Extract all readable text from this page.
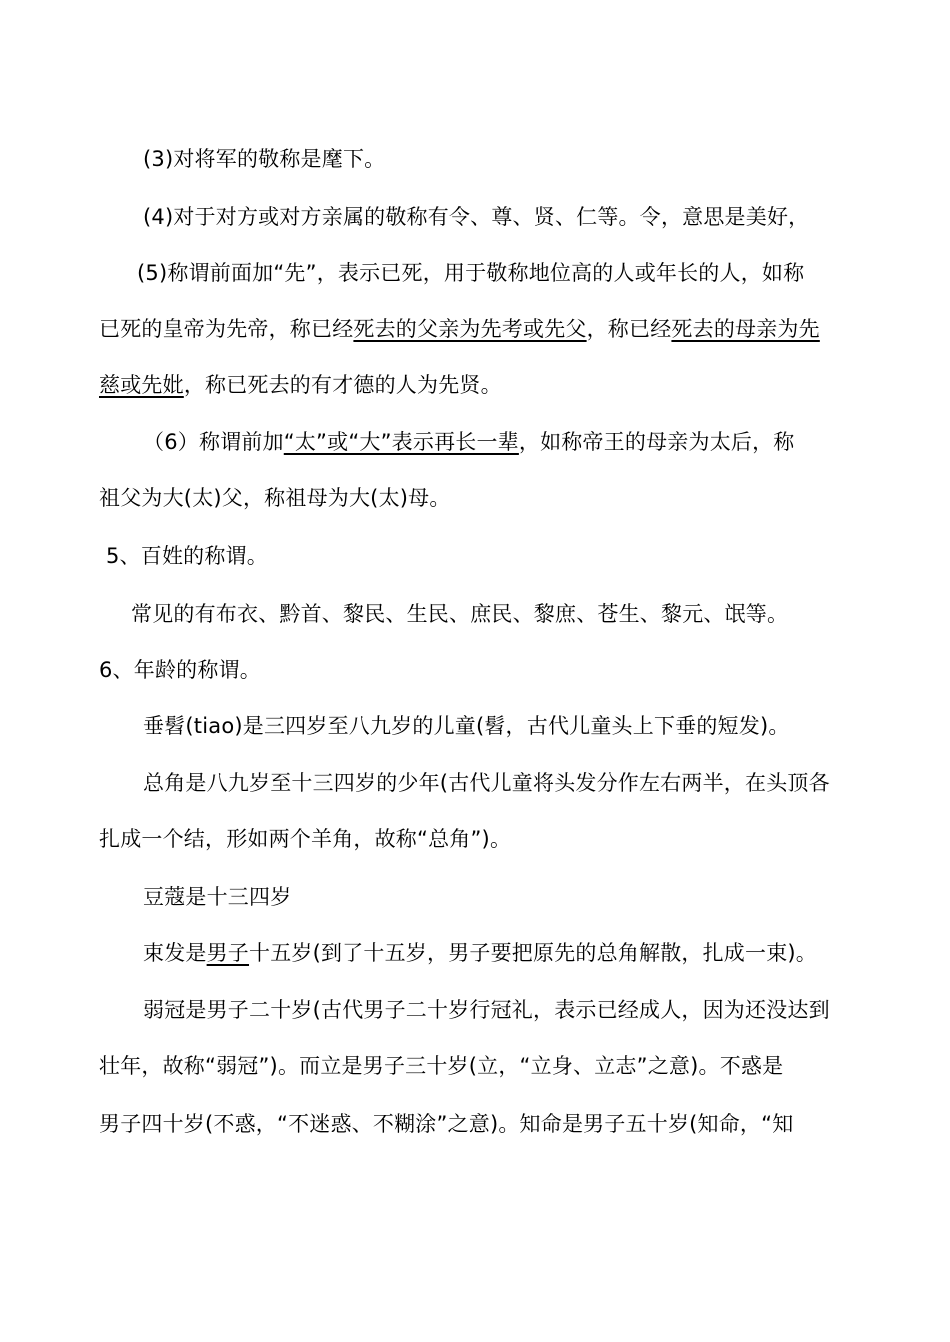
(3)对将军的敬称是麾下。
(4)对于对方或对方亲属的敬称有令、尊、贤、仁等。令，意思是美好，
(5)称谓前面加“先”，表示已死，用于敬称地位高的人或年长的人，如称
已死的皇帝为先帝，称已经死去的父亲为先考或先父，称已经死去的母亲为先
慈或先妣，称已死去的有才德的人为先贤。
（6）称谓前加“太”或“大”表示再长一辈，如称帝王的母亲为太后，称
祖父为大(太)父，称祖母为大(太)母。
5、百姓的称谓。
常见的有布衣、黔首、黎民、生民、庶民、黎庶、苍生、黎元、氓等。
6、年龄的称谓。
垂髫(tiao)是三四岁至八九岁的儿童(髫，古代儿童头上下垂的短发)。
总角是八九岁至十三四岁的少年(古代儿童将头发分作左右两半，在头顶各
扎成一个结，形如两个羊角，故称“总角”)。
豆蔻是十三四岁
束发是男子十五岁(到了十五岁，男子要把原先的总角解散，扎成一束)。
弱冠是男子二十岁(古代男子二十岁行冠礼，表示已经成人，因为还没达到
壮年，故称“弱冠”)。而立是男子三十岁(立，“立身、立志”之意)。不惑是
男子四十岁(不惑，“不迷惑、不糊涂”之意)。知命是男子五十岁(知命，“知
